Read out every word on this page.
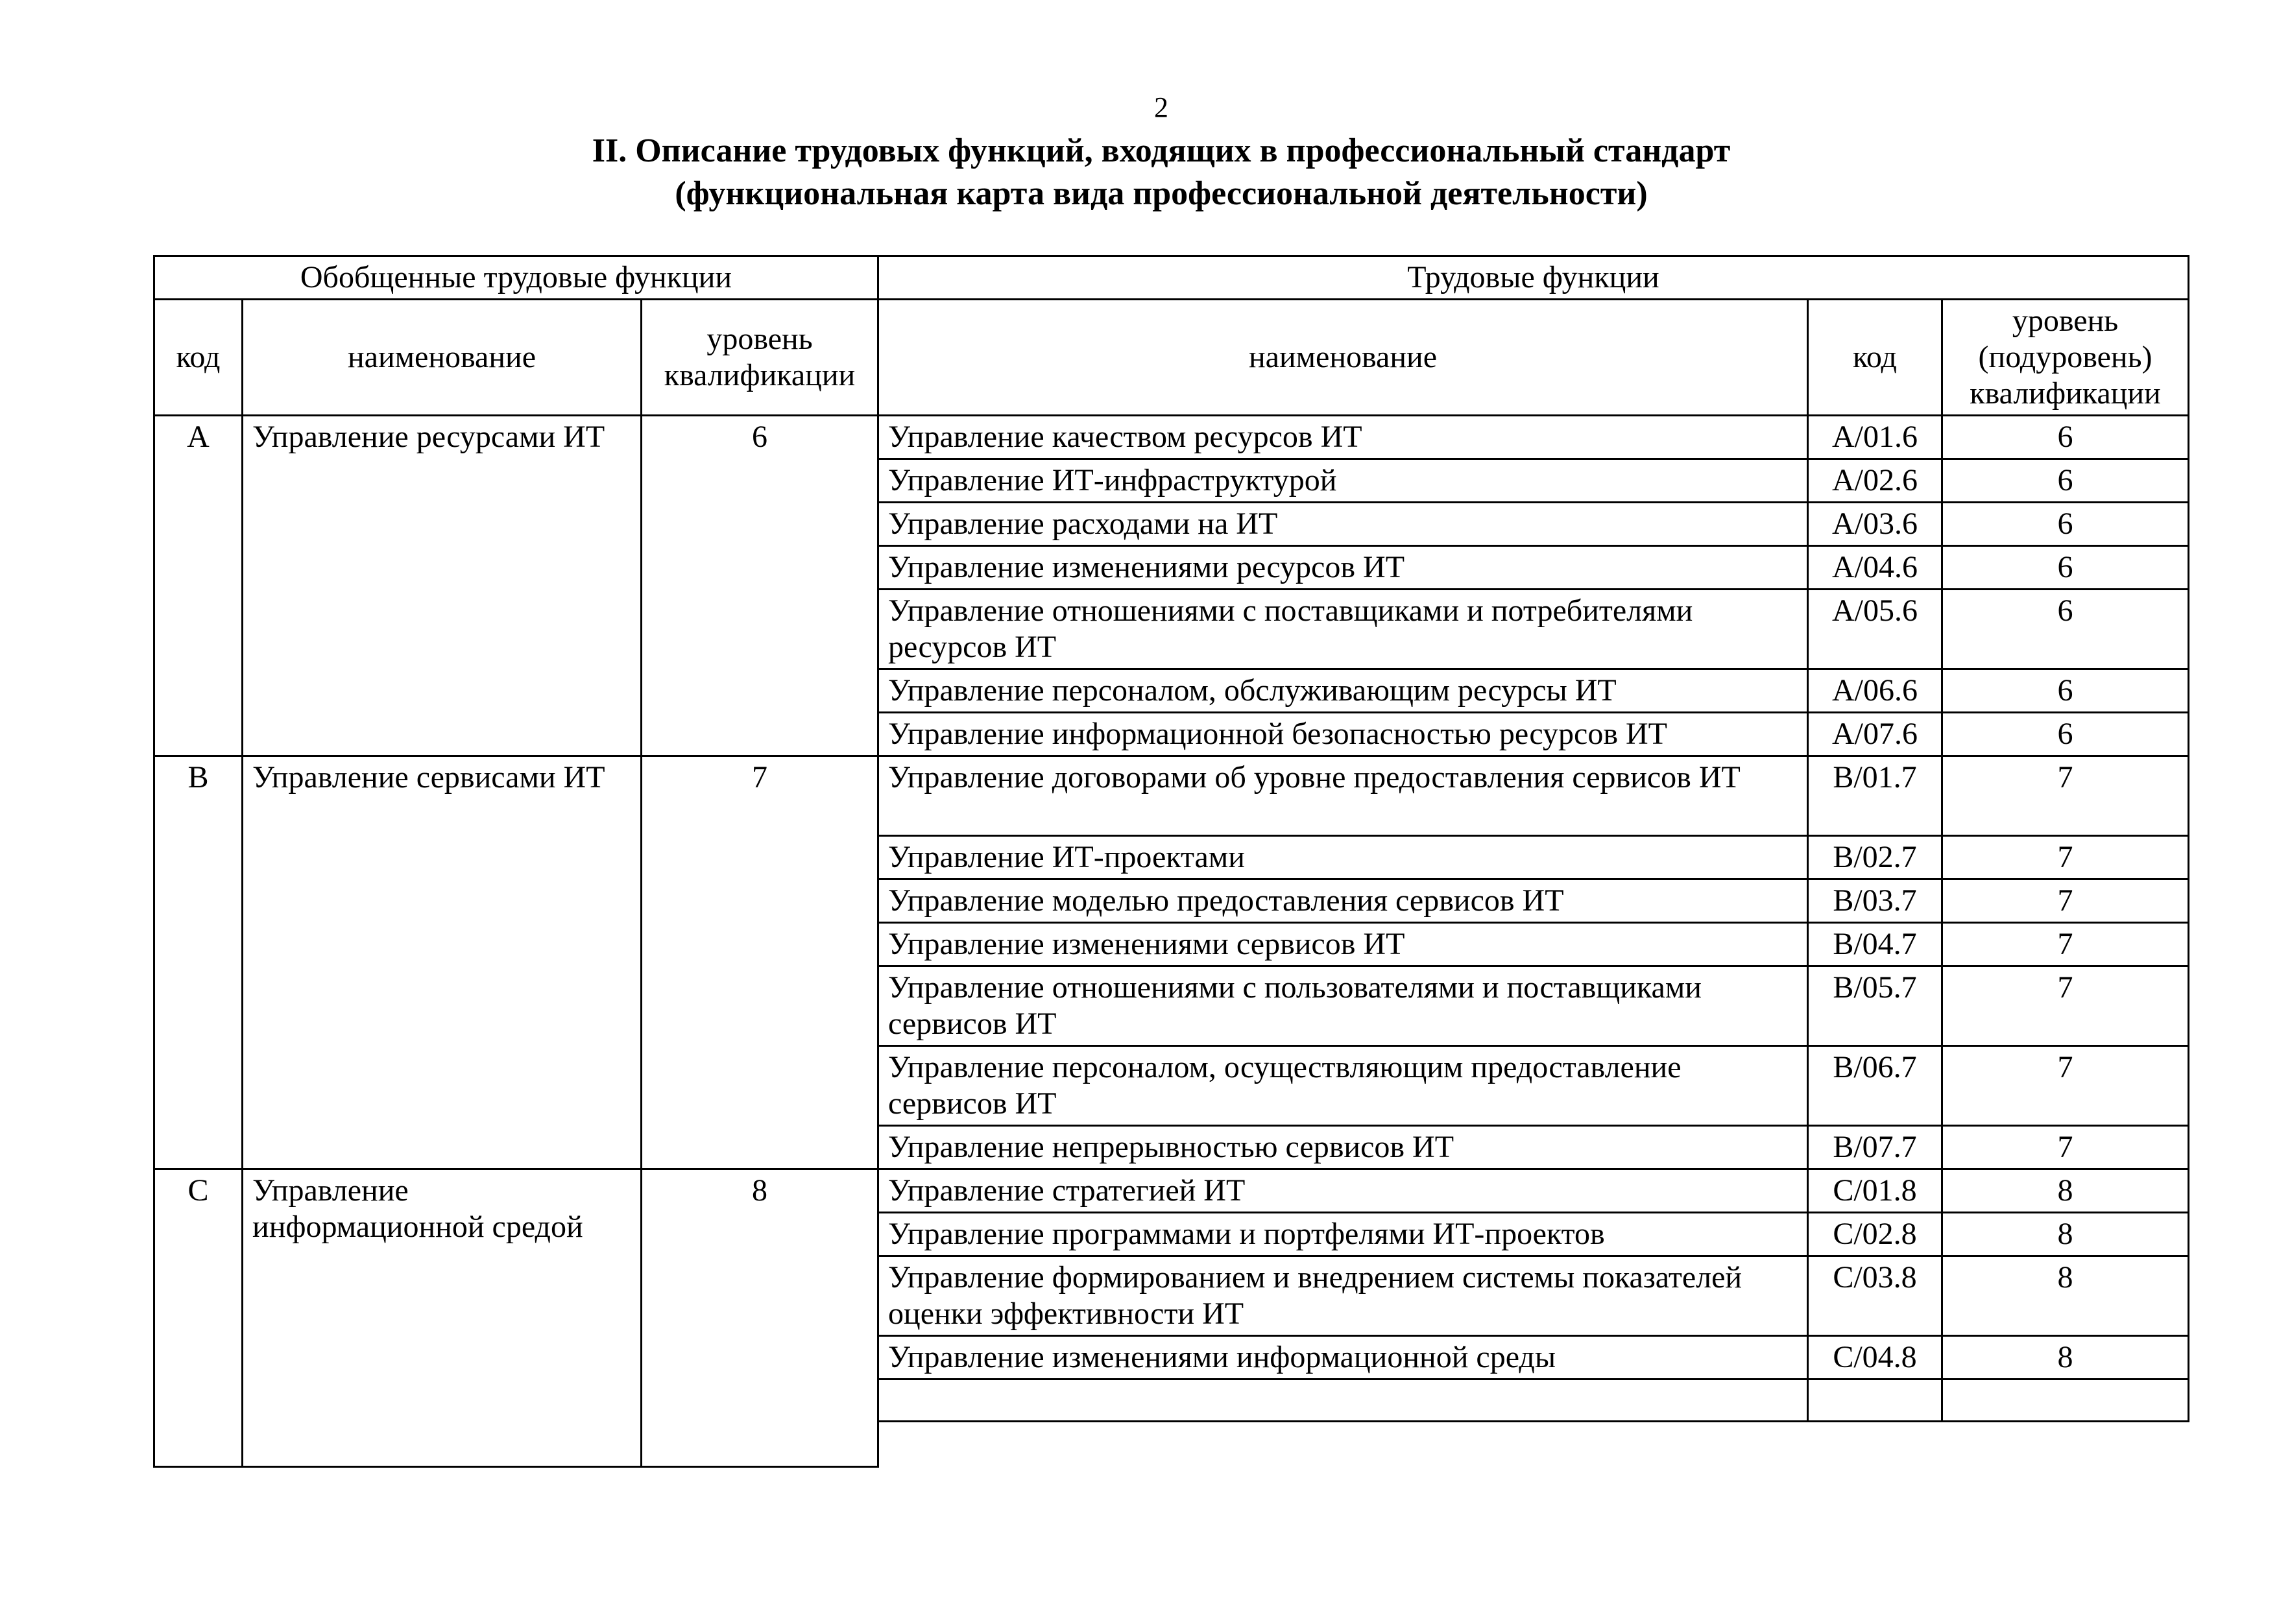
2
II. Описание трудовых функций, входящих в профессиональный стандарт
(функциональная карта вида профессиональной деятельности)
Обобщенные трудовые функции			Трудовые функции		
код	наименование	уровень квалификации	наименование	код	уровень (подуровень) квалификации
A	Управление ресурсами ИТ	6	Управление качеством ресурсов ИТ	A/01.6	6
			Управление ИТ-инфраструктурой	A/02.6	6
			Управление расходами на ИТ	A/03.6	6
			Управление изменениями ресурсов ИТ	A/04.6	6
			Управление отношениями с поставщиками и потребителями ресурсов ИТ	A/05.6	6
			Управление персоналом, обслуживающим ресурсы ИТ	A/06.6	6
			Управление информационной безопасностью ресурсов ИТ	A/07.6	6
B	Управление сервисами ИТ	7	Управление договорами об уровне предоставления сервисов ИТ	B/01.7	7
			Управление ИТ-проектами	B/02.7	7
			Управление моделью предоставления сервисов ИТ	B/03.7	7
			Управление изменениями сервисов ИТ	B/04.7	7
			Управление отношениями с пользователями и поставщиками сервисов ИТ	B/05.7	7
			Управление персоналом, осуществляющим предоставление сервисов ИТ	B/06.7	7
			Управление непрерывностью сервисов ИТ	B/07.7	7
C	Управление информационной средой	8	Управление стратегией ИТ	C/01.8	8
			Управление программами и портфелями ИТ-проектов	C/02.8	8
			Управление формированием и внедрением системы показателей оценки эффективности ИТ	C/03.8	8
			Управление изменениями информационной среды	C/04.8	8
